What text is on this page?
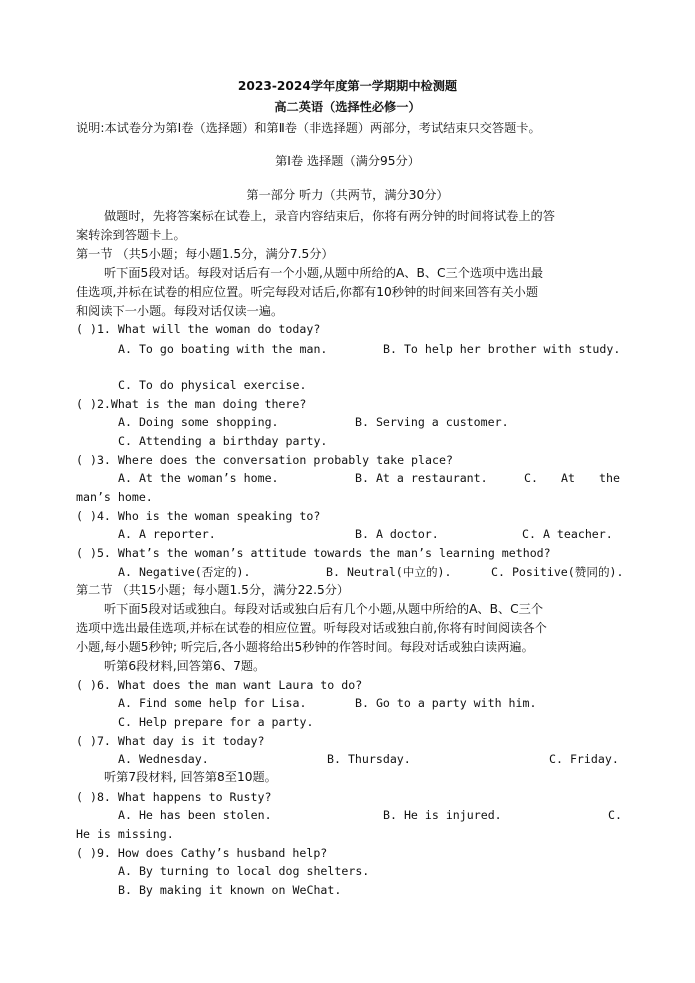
2023-2024学年度第一学期期中检测题
高二英语（选择性必修一）
说明:本试卷分为第Ⅰ卷（选择题）和第Ⅱ卷（非选择题）两部分，考试结束只交答题卡。
第Ⅰ卷 选择题（满分95分）
第一部分 听力（共两节，满分30分）
做题时，先将答案标在试卷上，录音内容结束后，你将有两分钟的时间将试卷上的答
案转涂到答题卡上。
第一节 （共5小题；每小题1.5分，满分7.5分）
听下面5段对话。每段对话后有一个小题,从题中所给的A、B、C三个选项中选出最
佳选项,并标在试卷的相应位置。听完每段对话后,你都有10秒钟的时间来回答有关小题
和阅读下一小题。每段对话仅读一遍。
( )1. What will the woman do today?
A. To go boating with the man.	B. To help her brother with study.
C. To do physical exercise.
( )2.What is the man doing there?
A. Doing some shopping.	B. Serving a customer.
C. Attending a birthday party.
( )3. Where does the conversation probably take place?
A. At the woman’s home.	B. At a restaurant.	C. At the
man’s home.
( )4. Who is the woman speaking to?
A. A reporter.	B. A doctor.	C. A teacher.
( )5. What’s the woman’s attitude towards the man’s learning method?
A. Negative(否定的).	B. Neutral(中立的).	C. Positive(赞同的).
第二节 （共15小题；每小题1.5分，满分22.5分）
听下面5段对话或独白。每段对话或独白后有几个小题,从题中所给的A、B、C三个
选项中选出最佳选项,并标在试卷的相应位置。听每段对话或独白前,你将有时间阅读各个
小题,每小题5秒钟; 听完后,各小题将给出5秒钟的作答时间。每段对话或独白读两遍。
听第6段材料,回答第6、7题。
( )6. What does the man want Laura to do?
A. Find some help for Lisa.	B. Go to a party with him.
C. Help prepare for a party.
( )7. What day is it today?
A. Wednesday.	B. Thursday.	C. Friday.
听第7段材料, 回答第8至10题。
( )8. What happens to Rusty?
A. He has been stolen.	B. He is injured.	C.
He is missing.
( )9. How does Cathy’s husband help?
A. By turning to local dog shelters.
B. By making it known on WeChat.
